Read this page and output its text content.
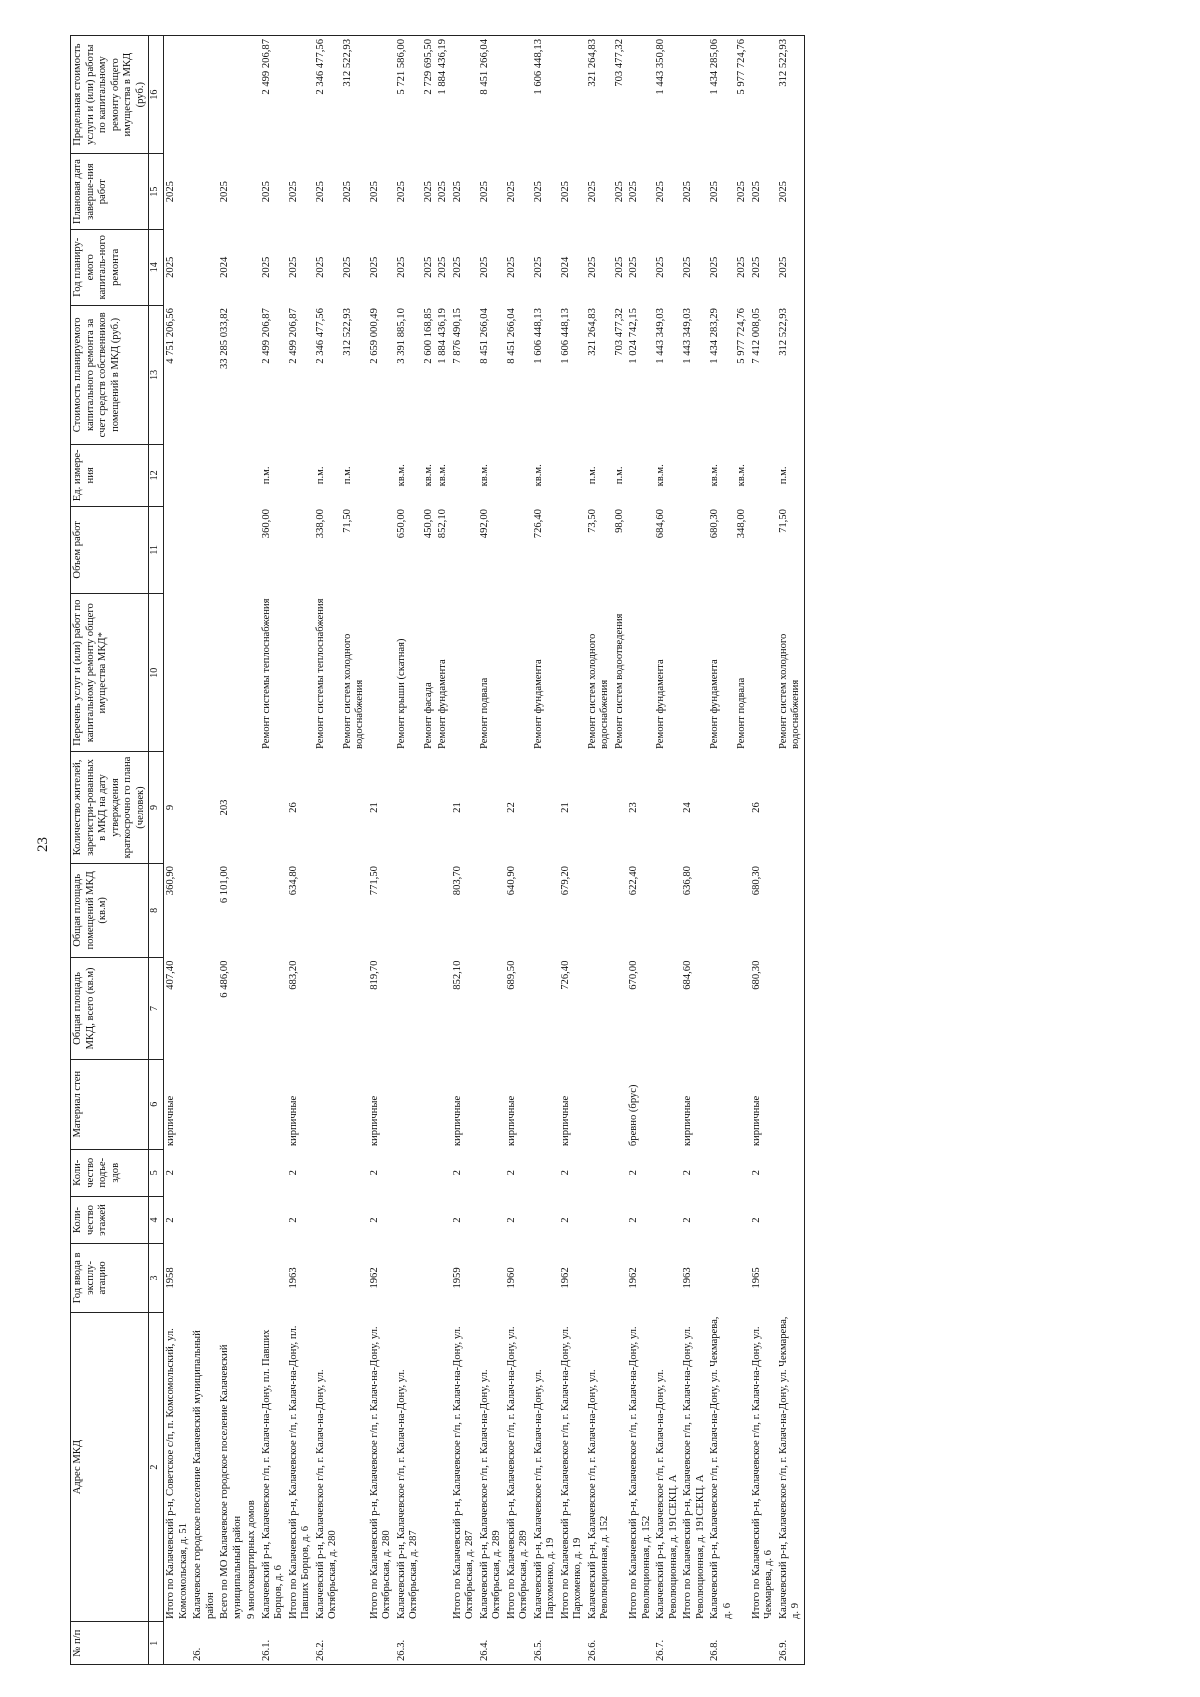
23
№ п/п	Адрес МКД	Год ввода в эксплу-атацию	Коли-чество этажей	Коли-чество подъе-здов	Материал стен	Общая площадь МКД, всего (кв.м)	Общая площадь помещений МКД (кв.м)	Количество жителей, зарегистри-рованных в МКД на дату утверждения краткосрочно го плана (человек)	Перечень услуг и (или) работ по капитальному ремонту общего имущества МКД*	Объем работ	Ед. измере-ния	Стоимость планируемого капитального ремонта за счет средств собственников помещений в МКД (руб.)	Год планиру-емого капиталь-ного ремонта	Плановая дата заверше-ния работ	Предельная стоимость услуги и (или) работы по капитальному ремонту общего имущества в МКД (руб.)
1	2	3	4	5	6	7	8	9	10	11	12	13	14	15	16
	Итого по Калачевский р-н, Советское с/п, п. Комсомольский, ул. Комсомольская, д. 51	1958	2	2	кирпичные	407,40	360,90	9				4 751 206,56	2025	2025	
26.	Калачевское городское поселение Калачевский муниципальный район														
	Всего по МО Калачевское городское поселение Калачевский муниципальный район					6 486,00	6 101,00	203				33 285 033,82	2024	2025	
	9 многоквартирных домов														
26.1.	Калачевский р-н, Калачевское г/п, г. Калач-на-Дону, пл. Павших Борцов, д. 6								Ремонт системы теплоснабжения	360,00	п.м.	2 499 206,87	2025	2025	2 499 206,87
	Итого по Калачевский р-н, Калачевское г/п, г. Калач-на-Дону, пл. Павших Борцов, д. 6	1963	2	2	кирпичные	683,20	634,80	26				2 499 206,87	2025	2025	
26.2.	Калачевский р-н, Калачевское г/п, г. Калач-на-Дону, ул. Октябрьская, д. 280								Ремонт системы теплоснабжения	338,00	п.м.	2 346 477,56	2025	2025	2 346 477,56
									Ремонт систем холодного водоснабжения	71,50	п.м.	312 522,93	2025	2025	312 522,93
	Итого по Калачевский р-н, Калачевское г/п, г. Калач-на-Дону, ул. Октябрьская, д. 280	1962	2	2	кирпичные	819,70	771,50	21				2 659 000,49	2025	2025	
26.3.	Калачевский р-н, Калачевское г/п, г. Калач-на-Дону, ул. Октябрьская, д. 287								Ремонт крыши (скатная)	650,00	кв.м.	3 391 885,10	2025	2025	5 721 586,00
									Ремонт фасада	450,00	кв.м.	2 600 168,85	2025	2025	2 729 695,50
									Ремонт фундамента	852,10	кв.м.	1 884 436,19	2025	2025	1 884 436,19
	Итого по Калачевский р-н, Калачевское г/п, г. Калач-на-Дону, ул. Октябрьская, д. 287	1959	2	2	кирпичные	852,10	803,70	21				7 876 490,15	2025	2025	
26.4.	Калачевский р-н, Калачевское г/п, г. Калач-на-Дону, ул. Октябрьская, д. 289								Ремонт подвала	492,00	кв.м.	8 451 266,04	2025	2025	8 451 266,04
	Итого по Калачевский р-н, Калачевское г/п, г. Калач-на-Дону, ул. Октябрьская, д. 289	1960	2	2	кирпичные	689,50	640,90	22				8 451 266,04	2025	2025	
26.5.	Калачевский р-н, Калачевское г/п, г. Калач-на-Дону, ул. Пархоменко, д. 19								Ремонт фундамента	726,40	кв.м.	1 606 448,13	2025	2025	1 606 448,13
	Итого по Калачевский р-н, Калачевское г/п, г. Калач-на-Дону, ул. Пархоменко, д. 19	1962	2	2	кирпичные	726,40	679,20	21				1 606 448,13	2024	2025	
26.6.	Калачевский р-н, Калачевское г/п, г. Калач-на-Дону, ул. Революционная, д. 152								Ремонт систем холодного водоснабжения	73,50	п.м.	321 264,83	2025	2025	321 264,83
									Ремонт систем водоотведения	98,00	п.м.	703 477,32	2025	2025	703 477,32
	Итого по Калачевский р-н, Калачевское г/п, г. Калач-на-Дону, ул. Революционная, д. 152	1962	2	2	бревно (брус)	670,00	622,40	23				1 024 742,15	2025	2025	
26.7.	Калачевский р-н, Калачевское г/п, г. Калач-на-Дону, ул. Революционная, д. 191СЕКЦ. А								Ремонт фундамента	684,60	кв.м.	1 443 349,03	2025	2025	1 443 350,80
	Итого по Калачевский р-н, Калачевское г/п, г. Калач-на-Дону, ул. Революционная, д. 191СЕКЦ. А	1963	2	2	кирпичные	684,60	636,80	24				1 443 349,03	2025	2025	
26.8.	Калачевский р-н, Калачевское г/п, г. Калач-на-Дону, ул. Чекмарева, д. 6								Ремонт фундамента	680,30	кв.м.	1 434 283,29	2025	2025	1 434 285,06
									Ремонт подвала	348,00	кв.м.	5 977 724,76	2025	2025	5 977 724,76
	Итого по Калачевский р-н, Калачевское г/п, г. Калач-на-Дону, ул. Чекмарева, д. 6	1965	2	2	кирпичные	680,30	680,30	26				7 412 008,05	2025	2025	
26.9.	Калачевский р-н, Калачевское г/п, г. Калач-на-Дону, ул. Чекмарева, д. 9								Ремонт систем холодного водоснабжения	71,50	п.м.	312 522,93	2025	2025	312 522,93
